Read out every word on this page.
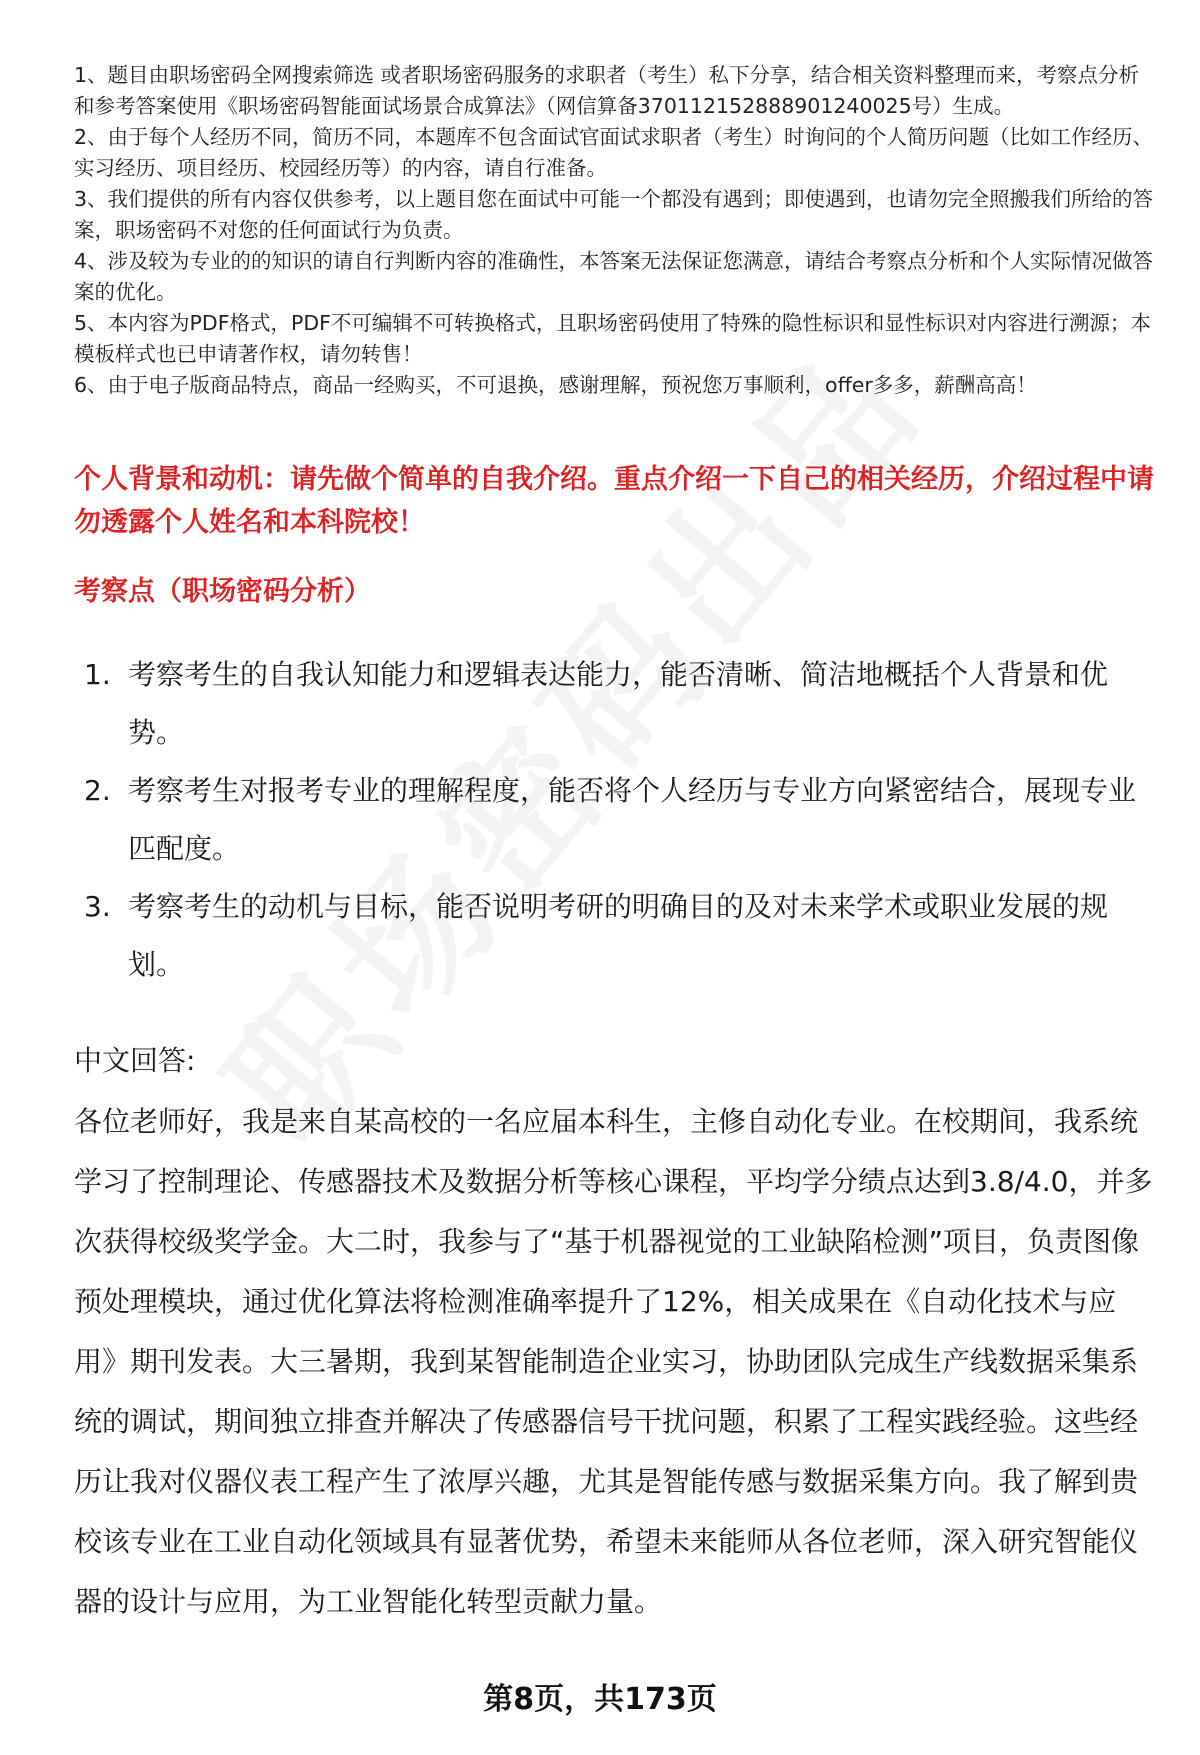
1、题目由职场密码全网搜索筛选 或者职场密码服务的求职者（考生）私下分享，结合相关资料整理而来，考察点分析和参考答案使用《职场密码智能面试场景合成算法》（网信算备370112152888901240025号）生成。

2、由于每个人经历不同，简历不同，本题库不包含面试官面试求职者（考生）时询问的个人简历问题（比如工作经历、实习经历、项目经历、校园经历等）的内容，请自行准备。

3、我们提供的所有内容仅供参考，以上题目您在面试中可能一个都没有遇到；即使遇到，也请勿完全照搬我们所给的答案，职场密码不对您的任何面试行为负责。

4、涉及较为专业的的知识的请自行判断内容的准确性，本答案无法保证您满意，请结合考察点分析和个人实际情况做答案的优化。

5、本内容为PDF格式，PDF不可编辑不可转换格式，且职场密码使用了特殊的隐性标识和显性标识对内容进行溯源；本模板样式也已申请著作权，请勿转售！

6、由于电子版商品特点，商品一经购买，不可退换，感谢理解，预祝您万事顺利，offer多多，薪酬高高！

个人背景和动机：请先做个简单的自我介绍。重点介绍一下自己的相关经历，介绍过程中请勿透露个人姓名和本科院校！
考察点（职场密码分析）
1. 考察考生的自我认知能力和逻辑表达能力，能否清晰、简洁地概括个人背景和优势。
2. 考察考生对报考专业的理解程度，能否将个人经历与专业方向紧密结合，展现专业匹配度。
3. 考察考生的动机与目标，能否说明考研的明确目的及对未来学术或职业发展的规划。
中文回答:

各位老师好，我是来自某高校的一名应届本科生，主修自动化专业。在校期间，我系统学习了控制理论、传感器技术及数据分析等核心课程，平均学分绩点达到3.8/4.0，并多次获得校级奖学金。大二时，我参与了“基于机器视觉的工业缺陷检测”项目，负责图像预处理模块，通过优化算法将检测准确率提升了12%，相关成果在《自动化技术与应用》期刊发表。大三暑期，我到某智能制造企业实习，协助团队完成生产线数据采集系统的调试，期间独立排查并解决了传感器信号干扰问题，积累了工程实践经验。这些经历让我对仪器仪表工程产生了浓厚兴趣，尤其是智能传感与数据采集方向。我了解到贵校该专业在工业自动化领域具有显著优势，希望未来能师从各位老师，深入研究智能仪器的设计与应用，为工业智能化转型贡献力量。

第8页，共173页
